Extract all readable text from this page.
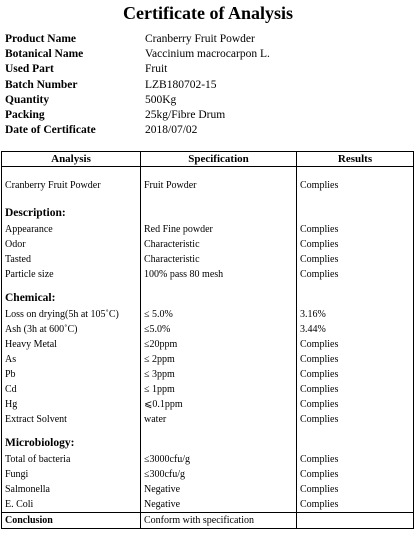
Certificate of Analysis
Product Name	Cranberry Fruit Powder
Botanical Name	Vaccinium macrocarpon L.
Used Part	Fruit
Batch Number	LZB180702-15
Quantity	500Kg
Packing	25kg/Fibre Drum
Date of Certificate	2018/07/02
Analysis	Specification	Results

Cranberry Fruit Powder	Fruit Powder	Complies

Description:		
Appearance	Red Fine powder	Complies
Odor	Characteristic	Complies
Tasted	Characteristic	Complies
Particle size	100% pass 80 mesh	Complies

Chemical:		
Loss on drying(5h at 105˚C)	≤ 5.0%	3.16%
Ash (3h at 600˚C)	≤5.0%	3.44%
Heavy Metal	≤20ppm	Complies
As	≤ 2ppm	Complies
Pb	≤ 3ppm	Complies
Cd	≤ 1ppm	Complies
Hg	⩽0.1ppm	Complies
Extract Solvent	water	Complies

Microbiology:		
Total of bacteria	≤3000cfu/g	Complies
Fungi	≤300cfu/g	Complies
Salmonella	Negative	Complies
E. Coli	Negative	Complies
Conclusion	Conform with specification	
